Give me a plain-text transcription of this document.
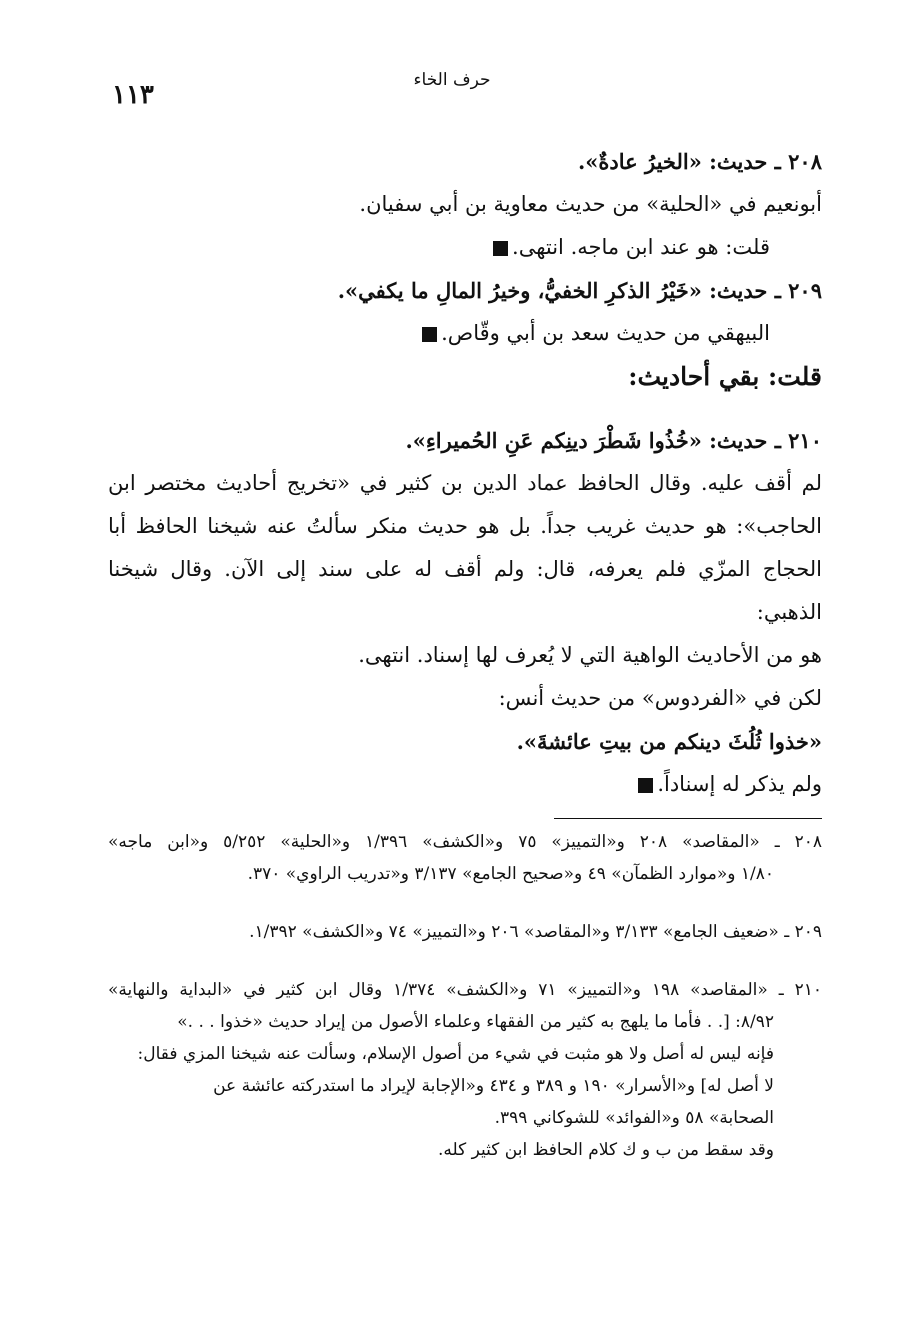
١١٣	حرف الخاء
٢٠٨ ـ حديث: «الخيرُ عادةٌ».
أبونعيم في «الحلية» من حديث معاوية بن أبي سفيان.
قلت: هو عند ابن ماجه. انتهى.
٢٠٩ ـ حديث: «خَيْرُ الذكرِ الخفيُّ، وخيرُ المالِ ما يكفي».
البيهقي من حديث سعد بن أبي وقّاص.
قلت: بقي أحاديث:
٢١٠ ـ حديث: «خُذُوا شَطْرَ دينِكم عَنِ الحُميراءِ».
لم أقف عليه. وقال الحافظ عماد الدين بن كثير في «تخريج أحاديث مختصر ابن
الحاجب»: هو حديث غريب جداً. بل هو حديث منكر سألتُ عنه شيخنا الحافظ أبا
الحجاج المزّي فلم يعرفه، قال: ولم أقف له على سند إلى الآن. وقال شيخنا الذهبي:
هو من الأحاديث الواهية التي لا يُعرف لها إسناد. انتهى.
لكن في «الفردوس» من حديث أنس:
«خذوا ثُلُثَ دينكم من بيتِ عائشةَ».
ولم يذكر له إسناداً.
٢٠٨ ـ «المقاصد» ٢٠٨ و«التمييز» ٧٥ و«الكشف» ١/٣٩٦ و«الحلية» ٥/٢٥٢ و«ابن ماجه»
١/٨٠ و«موارد الظمآن» ٤٩ و«صحيح الجامع» ٣/١٣٧ و«تدريب الراوي» ٣٧٠.
٢٠٩ ـ «ضعيف الجامع» ٣/١٣٣ و«المقاصد» ٢٠٦ و«التمييز» ٧٤ و«الكشف» ١/٣٩٢.
٢١٠ ـ «المقاصد» ١٩٨ و«التمييز» ٧١ و«الكشف» ١/٣٧٤ وقال ابن كثير في «البداية والنهاية»
٨/٩٢: [. . فأما ما يلهج به كثير من الفقهاء وعلماء الأصول من إيراد حديث «خذوا . . .»
فإنه ليس له أصل ولا هو مثبت في شيء من أصول الإسلام، وسألت عنه شيخنا المزي فقال:
لا أصل له] و«الأسرار» ١٩٠ و ٣٨٩ و ٤٣٤ و«الإجابة لإيراد ما استدركته عائشة عن
الصحابة» ٥٨ و«الفوائد» للشوكاني ٣٩٩.
وقد سقط من ب و ك كلام الحافظ ابن كثير كله.
